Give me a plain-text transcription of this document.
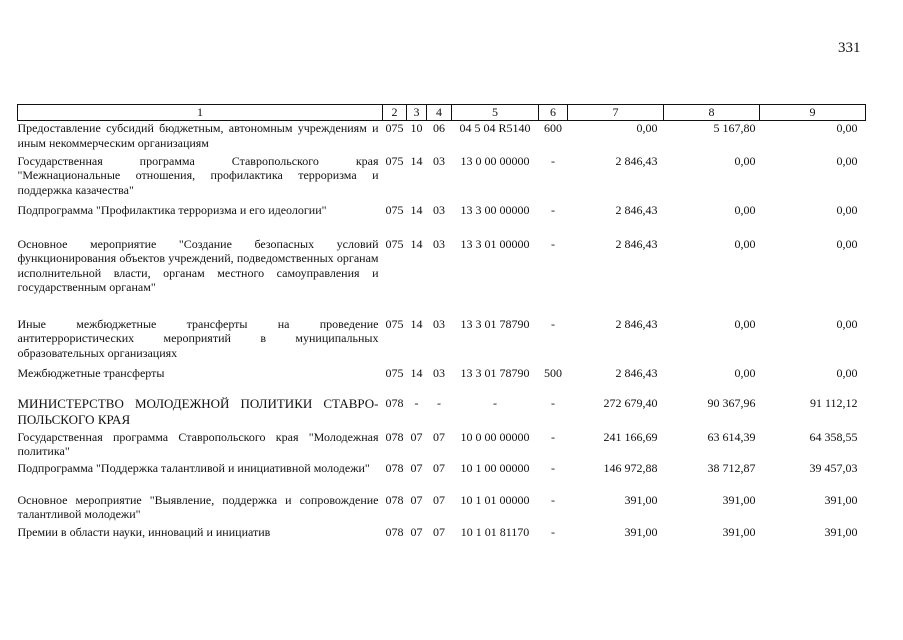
331
1	2	3	4	5	6	7	8	9
Предоставление субсидий бюджетным, автономным учреждениям и иным некоммерческим организациям	075	10	06	04 5 04 R5140	600	0,00	5 167,80	0,00
Государственная программа Ставропольского края "Межнациональные отношения, профилактика терроризма и поддержка казачества"	075	14	03	13 0 00 00000	-	2 846,43	0,00	0,00
Подпрограмма "Профилактика терроризма и его идеологии"	075	14	03	13 3 00 00000	-	2 846,43	0,00	0,00
Основное мероприятие "Создание безопасных условий функционирования объектов учреждений, подведомственных органам исполнительной власти, органам местного самоуправления и государственным органам"	075	14	03	13 3 01 00000	-	2 846,43	0,00	0,00
Иные межбюджетные трансферты на проведение антитеррористических мероприятий в муниципальных образовательных организациях	075	14	03	13 3 01 78790	-	2 846,43	0,00	0,00
Межбюджетные трансферты	075	14	03	13 3 01 78790	500	2 846,43	0,00	0,00
МИНИСТЕРСТВО МОЛОДЕЖНОЙ ПОЛИТИКИ СТАВРО-ПОЛЬСКОГО КРАЯ	078	-	-	-	-	272 679,40	90 367,96	91 112,12
Государственная программа Ставропольского края "Молодежная политика"	078	07	07	10 0 00 00000	-	241 166,69	63 614,39	64 358,55
Подпрограмма "Поддержка талантливой и инициативной молодежи"	078	07	07	10 1 00 00000	-	146 972,88	38 712,87	39 457,03
Основное мероприятие "Выявление, поддержка и сопровождение талантливой молодежи"	078	07	07	10 1 01 00000	-	391,00	391,00	391,00
Премии в области науки, инноваций и инициатив	078	07	07	10 1 01 81170	-	391,00	391,00	391,00
